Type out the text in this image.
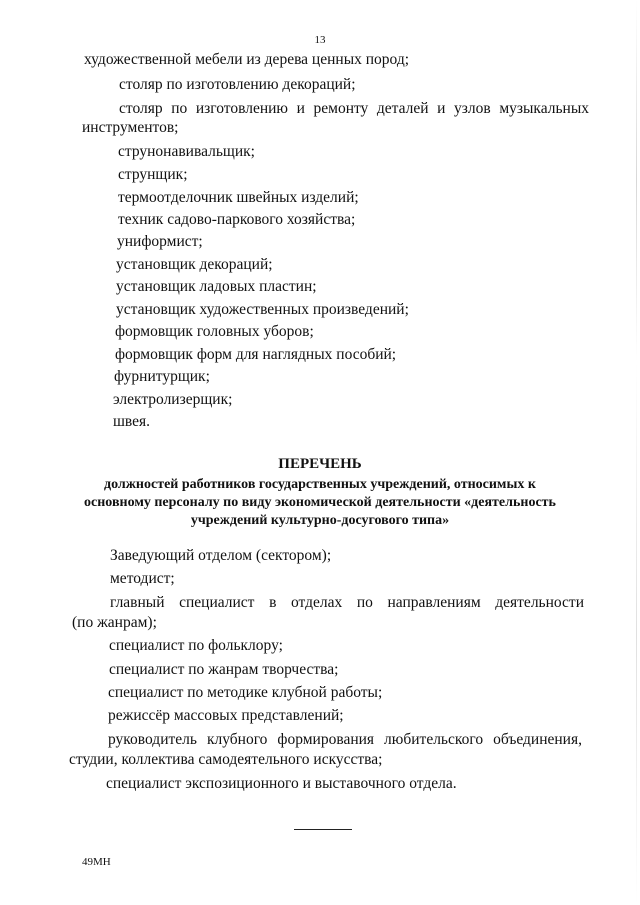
13
художественной мебели из дерева ценных пород;
столяр по изготовлению декораций;
столяр по изготовлению и ремонту деталей и узлов музыкальных
инструментов;
струнонавивальщик;
струнщик;
термоотделочник швейных изделий;
техник садово-паркового хозяйства;
униформист;
установщик декораций;
установщик ладовых пластин;
установщик художественных произведений;
формовщик головных уборов;
формовщик форм для наглядных пособий;
фурнитурщик;
электролизерщик;
швея.
ПЕРЕЧЕНЬ
должностей работников государственных учреждений, относимых к
основному персоналу по виду экономической деятельности «деятельность
учреждений культурно-досугового типа»
Заведующий отделом (сектором);
методист;
главный специалист в отделах по направлениям деятельности
(по жанрам);
специалист по фольклору;
специалист по жанрам творчества;
специалист по методике клубной работы;
режиссёр массовых представлений;
руководитель клубного формирования любительского объединения,
студии, коллектива самодеятельного искусства;
специалист экспозиционного и выставочного отдела.
49МН
